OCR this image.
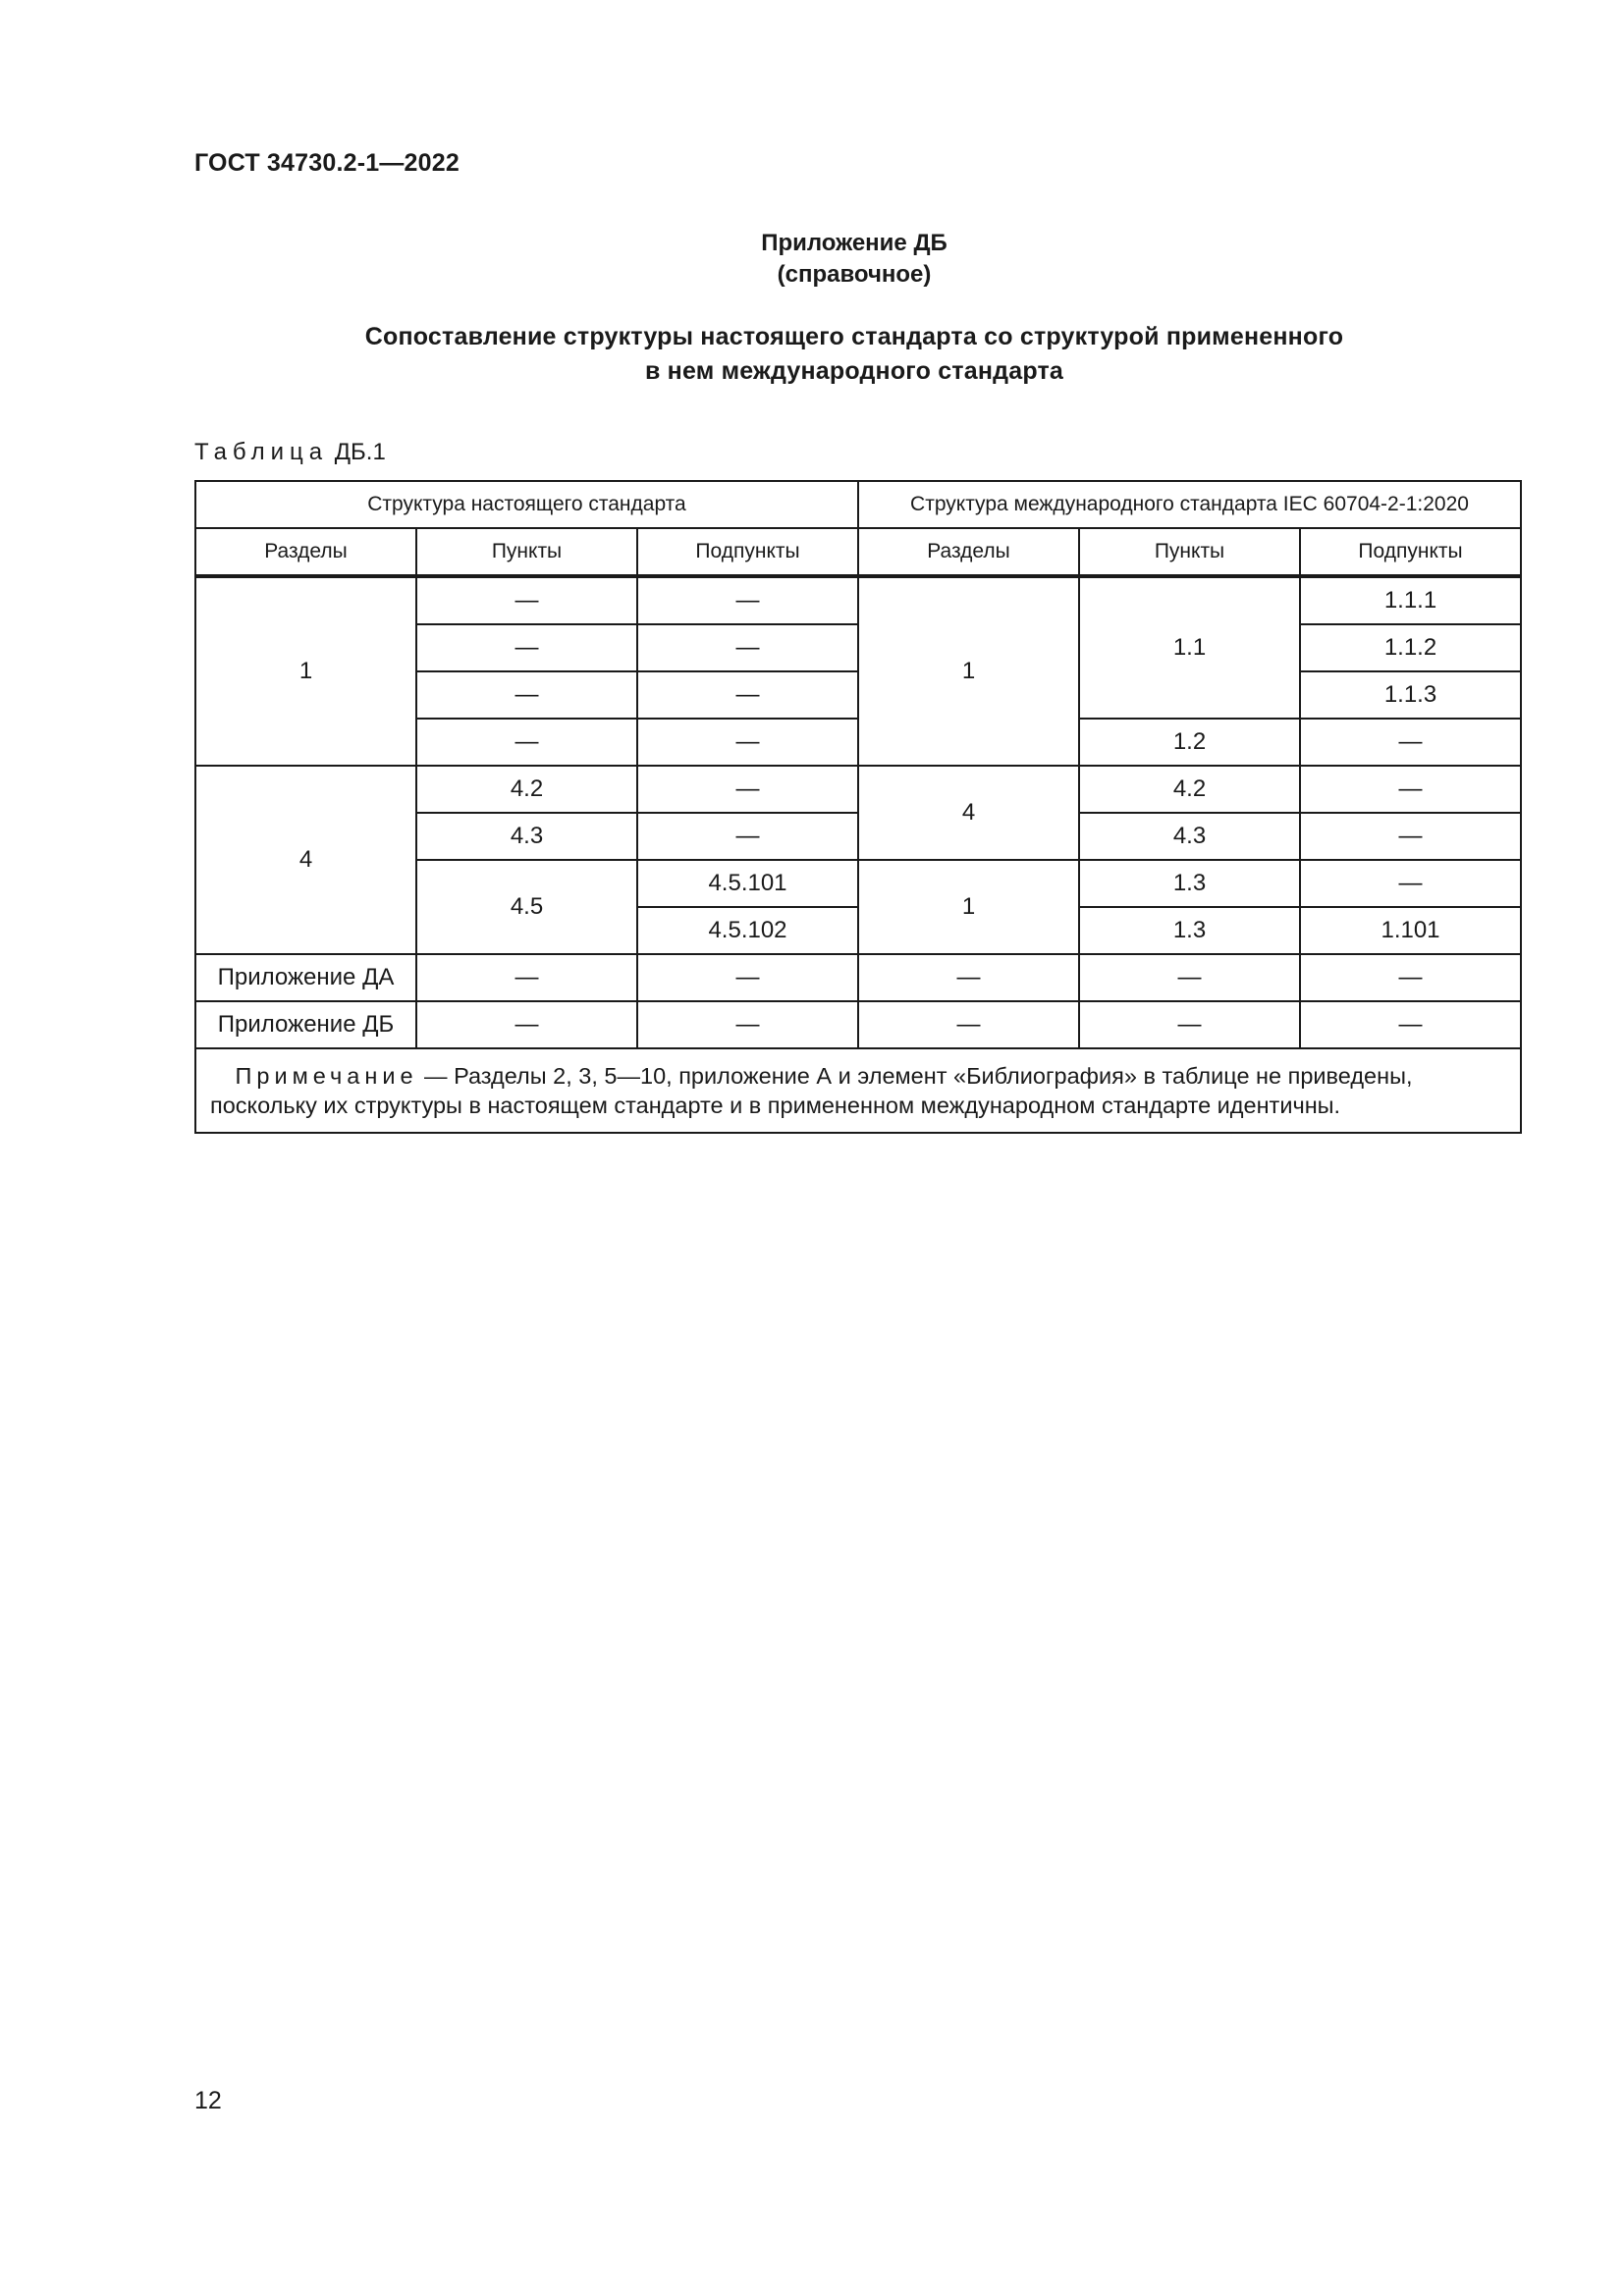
ГОСТ 34730.2-1—2022
Приложение ДБ
(справочное)
Сопоставление структуры настоящего стандарта со структурой примененного
в нем международного стандарта
Таблица ДБ.1
Структура настоящего стандарта			Структура международного стандарта IEC 60704-2-1:2020		
Разделы	Пункты	Подпункты	Разделы	Пункты	Подпункты
1	—	—	1	1.1	1.1.1
	—	—			1.1.2
	—	—			1.1.3
	—	—		1.2	—
4	4.2	—	4	4.2	—
	4.3	—		4.3	—
	4.5	4.5.101	1	1.3	—
		4.5.102		1.3	1.101
Приложение ДА	—	—	—	—	—
Приложение ДБ	—	—	—	—	—
 Примечание — Разделы 2, 3, 5—10, приложение А и элемент «Библиография» в таблице не приведены, поскольку их структуры в настоящем стандарте и в примененном международном стандарте идентичны.					
12
